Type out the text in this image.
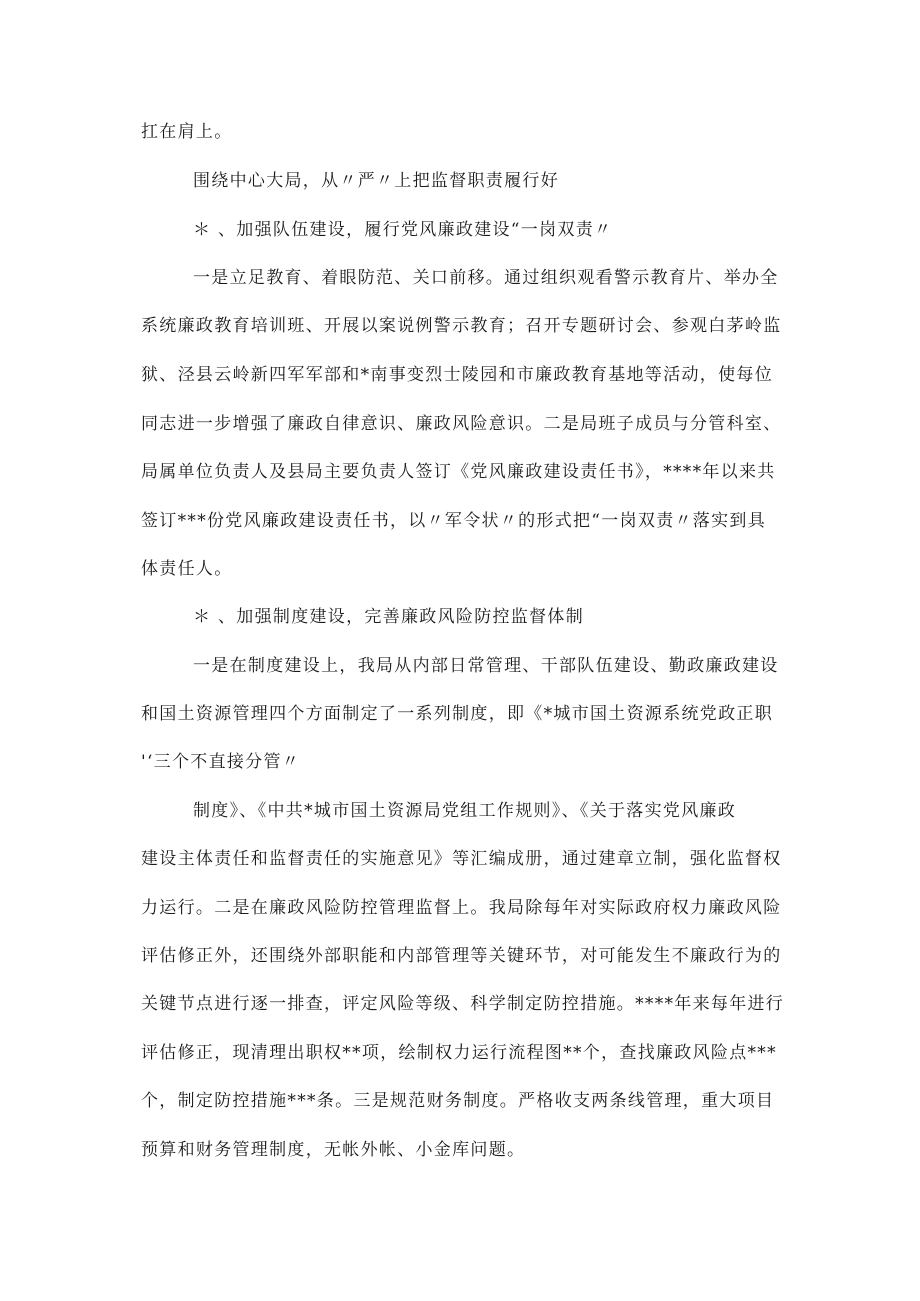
扛在肩上。
围绕中心大局，从〃严〃上把监督职责履行好
＊ 、加强队伍建设，履行党风廉政建设“一岗双责〃
一是立足教育、着眼防范、关口前移。通过组织观看警示教育片、举办全
系统廉政教育培训班、开展以案说例警示教育；召开专题研讨会、参观白茅岭监
狱、泾县云岭新四军军部和*南事变烈士陵园和市廉政教育基地等活动，使每位
同志进一步增强了廉政自律意识、廉政风险意识。二是局班子成员与分管科室、
局属单位负责人及县局主要负责人签订《党风廉政建设责任书》，****年以来共
签订***份党风廉政建设责任书，以〃军令状〃的形式把“一岗双责〃落实到具
体责任人。
＊ 、加强制度建设，完善廉政风险防控监督体制
一是在制度建设上，我局从内部日常管理、干部队伍建设、勤政廉政建设
和国土资源管理四个方面制定了一系列制度，即《*城市国土资源系统党政正职
'‘三个不直接分管〃
制度》、《中共*城市国土资源局党组工作规则》、《关于落实党风廉政
建设主体责任和监督责任的实施意见》等汇编成册，通过建章立制，强化监督权
力运行。二是在廉政风险防控管理监督上。我局除每年对实际政府权力廉政风险
评估修正外，还围绕外部职能和内部管理等关键环节，对可能发生不廉政行为的
关键节点进行逐一排查，评定风险等级、科学制定防控措施。****年来每年进行
评估修正，现清理出职权**项，绘制权力运行流程图**个，查找廉政风险点***
个，制定防控措施***条。三是规范财务制度。严格收支两条线管理，重大项目
预算和财务管理制度，无帐外帐、小金库问题。
